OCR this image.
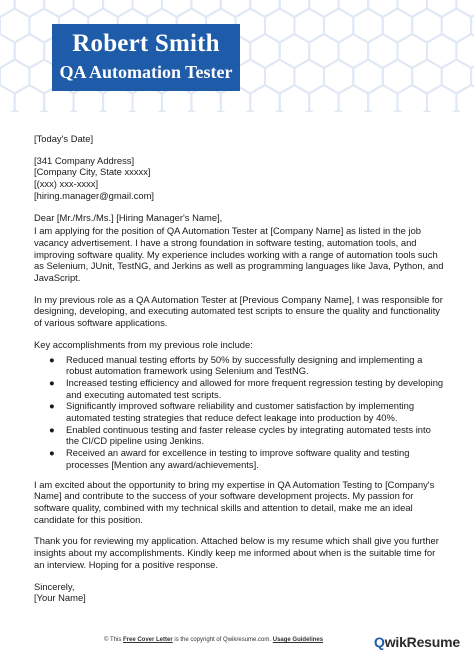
Robert Smith
QA Automation Tester

[Today's Date]

[341 Company Address]

[Company City, State xxxxx]

[(xxx) xxx-xxxx]

[hiring.manager@gmail.com]

Dear [Mr./Mrs./Ms.] [Hiring Manager's Name],

I am applying for the position of QA Automation Tester at [Company Name] as listed in the job vacancy advertisement. I have a strong foundation in software testing, automation tools, and improving software quality. My experience includes working with a range of automation tools such as Selenium, JUnit, TestNG, and Jerkins as well as programming languages like Java, Python, and JavaScript.

In my previous role as a QA Automation Tester at [Previous Company Name], I was responsible for designing, developing, and executing automated test scripts to ensure the quality and functionality of various software applications.

Key accomplishments from my previous role include:

● Reduced manual testing efforts by 50% by successfully designing and implementing a robust automation framework using Selenium and TestNG.
● Increased testing efficiency and allowed for more frequent regression testing by developing and executing automated test scripts.
● Significantly improved software reliability and customer satisfaction by implementing automated testing strategies that reduce defect leakage into production by 40%.
● Enabled continuous testing and faster release cycles by integrating automated tests into the CI/CD pipeline using Jenkins.
● Received an award for excellence in testing to improve software quality and testing processes [Mention any award/achievements].

I am excited about the opportunity to bring my expertise in QA Automation Testing to [Company's Name] and contribute to the success of your software development projects. My passion for software quality, combined with my technical skills and attention to detail, make me an ideal candidate for this position.

Thank you for reviewing my application. Attached below is my resume which shall give you further insights about my accomplishments. Kindly keep me informed about when is the suitable time for an interview. Hoping for a positive response.

Sincerely,

[Your Name]

© This Free Cover Letter is the copyright of Qwikresume.com. Usage Guidelines	QwikResume
